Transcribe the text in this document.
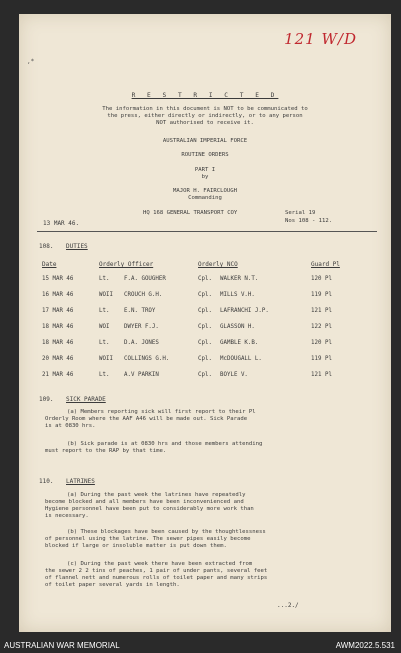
,*
121 W/D
R E S T R I C T E D
The information in this document is NOT to be communicated to
the press, either directly or indirectly, or to any person
NOT authorised to receive it.
AUSTRALIAN IMPERIAL FORCE
ROUTINE ORDERS
PART I
by
MAJOR H. FAIRCLOUGH
Commanding
13 MAR 46.
HQ 168 GENERAL TRANSPORT COY	Serial 19
Nos 108 - 112.
108. DUTIES
Date	Orderly Officer	Orderly NCO	Guard Pl
15 MAR 46	Lt.	F.A. GOUGHER	Cpl. WALKER N.T.	120 Pl
16 MAR 46	WOII CROUCH G.H.	Cpl. MILLS V.H.	119 Pl
17 MAR 46	Lt.	E.N. TROY	Cpl. LAFRANCHI J.P.	121 Pl
18 MAR 46	WOI	DWYER F.J.	Cpl. GLASSON H.	122 Pl
18 MAR 46	Lt.	D.A. JONES	Cpl. GAMBLE K.B.	120 Pl
20 MAR 46	WOII COLLINGS G.H.	Cpl. McDOUGALL L.	119 Pl
21 MAR 46	Lt.	A.V PARKIN	Cpl. BOYLE V.	121 Pl
109. SICK PARADE
(a) Members reporting sick will first report to their Pl
Orderly Room where the AAF A46 will be made out. Sick Parade
is at 0830 hrs.
(b) Sick parade is at 0830 hrs and those members attending
must report to the RAP by that time.
110. LATRINES
(a) During the past week the latrines have repeatedly
become blocked and all members have been inconvenienced and
Hygiene personnel have been put to considerably more work than
is necessary.
(b) These blockages have been caused by the thoughtlessness
of personnel using the latrine. The sewer pipes easily become
blocked if large or insoluble matter is put down them.
(c) During the past week there have been extracted from
the sewer 2 2 tins of peaches, 1 pair of under pants, several feet
of flannel nett and numerous rolls of toilet paper and many strips
of toilet paper several yards in length.
...2./
AUSTRALIAN WAR MEMORIAL	AWM2022.5.531
